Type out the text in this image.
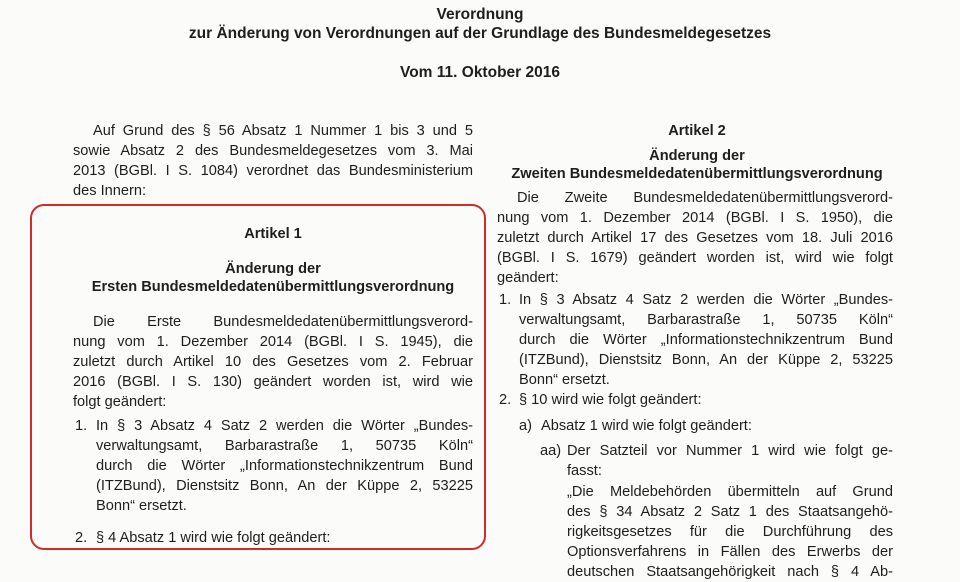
Verordnung
zur Änderung von Verordnungen auf der Grundlage des Bundesmeldegesetzes
Vom 11. Oktober 2016
Auf Grund des § 56 Absatz 1 Nummer 1 bis 3 und 5
sowie Absatz 2 des Bundesmeldegesetzes vom 3. Mai
2013 (BGBl. I S. 1084) verordnet das Bundesministerium
des Innern:
Artikel 1
Änderung der
Ersten Bundesmeldedatenübermittlungsverordnung
Die Erste Bundesmeldedatenübermittlungsverord-
nung vom 1. Dezember 2014 (BGBl. I S. 1945), die
zuletzt durch Artikel 10 des Gesetzes vom 2. Februar
2016 (BGBl. I S. 130) geändert worden ist, wird wie
folgt geändert:
1. In § 3 Absatz 4 Satz 2 werden die Wörter „Bundes-
verwaltungsamt, Barbarastraße 1, 50735 Köln“
durch die Wörter „Informationstechnikzentrum Bund
(ITZBund), Dienstsitz Bonn, An der Küppe 2, 53225
Bonn“ ersetzt.
2. § 4 Absatz 1 wird wie folgt geändert:
Artikel 2
Änderung der
Zweiten Bundesmeldedatenübermittlungsverordnung
Die Zweite Bundesmeldedatenübermittlungsverord-
nung vom 1. Dezember 2014 (BGBl. I S. 1950), die
zuletzt durch Artikel 17 des Gesetzes vom 18. Juli 2016
(BGBl. I S. 1679) geändert worden ist, wird wie folgt
geändert:
1. In § 3 Absatz 4 Satz 2 werden die Wörter „Bundes-
verwaltungsamt, Barbarastraße 1, 50735 Köln“
durch die Wörter „Informationstechnikzentrum Bund
(ITZBund), Dienstsitz Bonn, An der Küppe 2, 53225
Bonn“ ersetzt.
2. § 10 wird wie folgt geändert:
a) Absatz 1 wird wie folgt geändert:
aa) Der Satzteil vor Nummer 1 wird wie folgt ge-
fasst:
„Die Meldebehörden übermitteln auf Grund
des § 34 Absatz 2 Satz 1 des Staatsangehö-
rigkeitsgesetzes für die Durchführung des
Optionsverfahrens in Fällen des Erwerbs der
deutschen Staatsangehörigkeit nach § 4 Ab-
